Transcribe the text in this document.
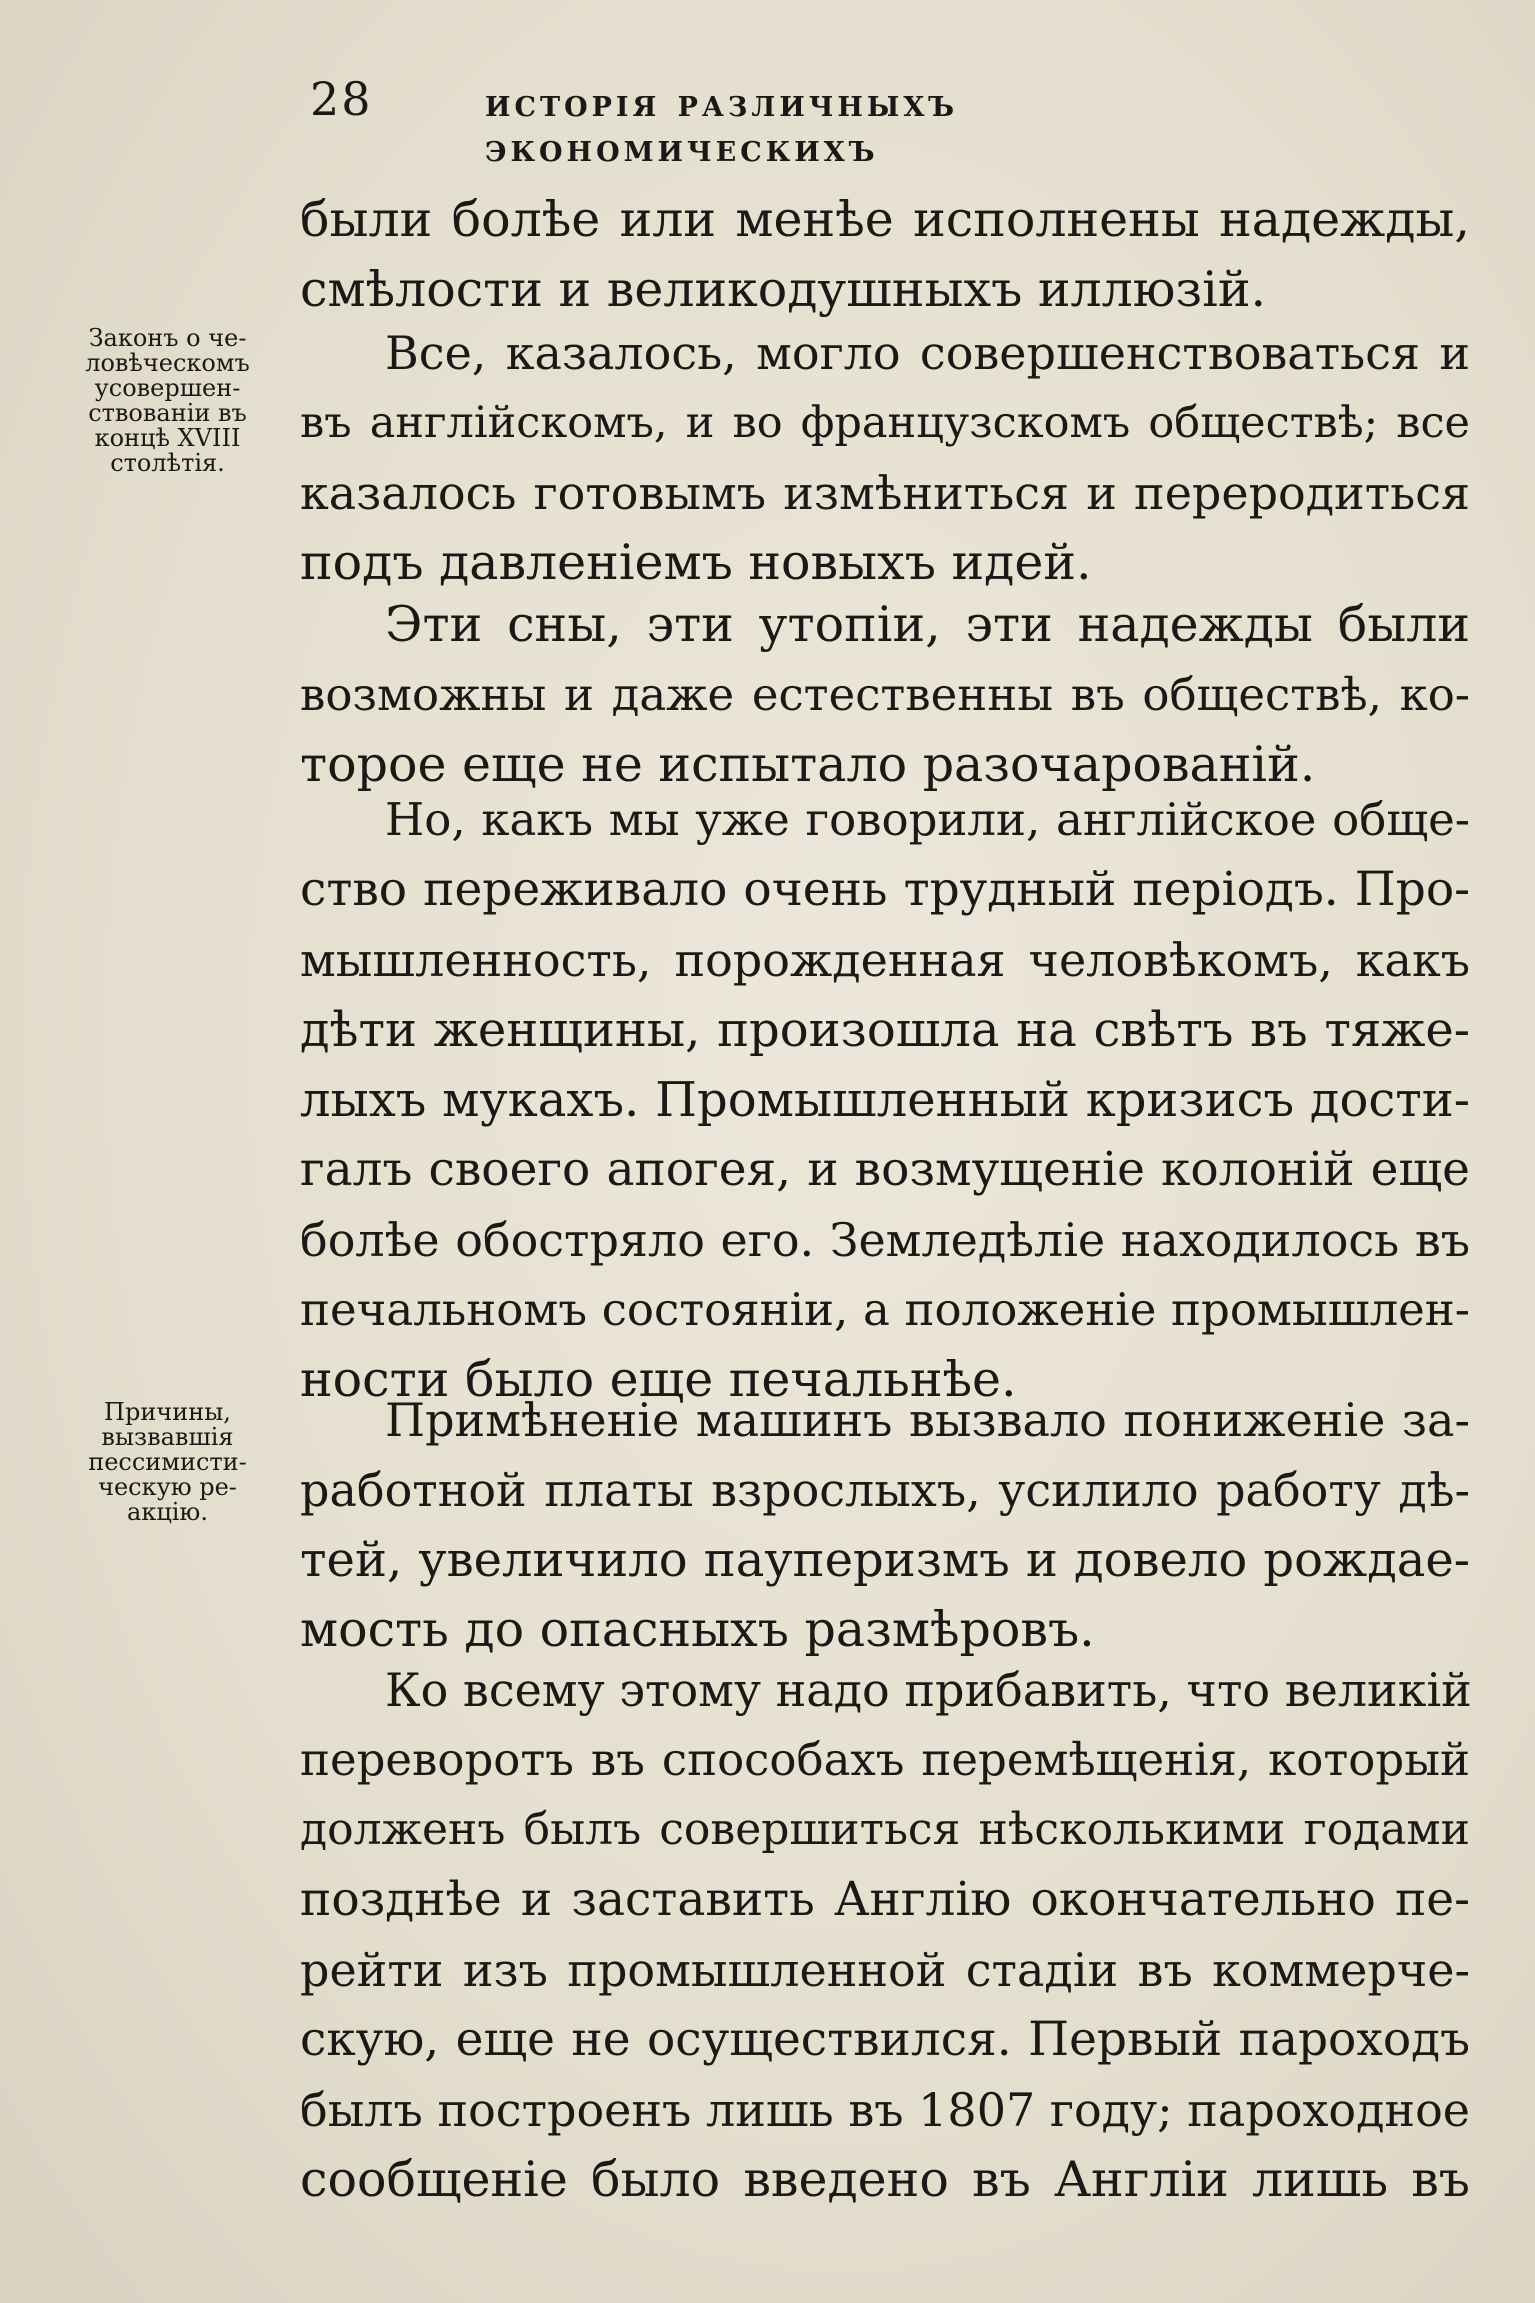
28	исторія различныхъ экономическихъ
Законъ о че-
ловѣческомъ
усовершен-
ствованіи въ
концѣ XVIII
столѣтія.
Причины,
вызвавшія
пессимисти-
ческую ре-
акцію.
были болѣе или менѣе исполнены надежды,
смѣлости и великодушныхъ иллюзій.
Все, казалось, могло совершенствоваться и
въ англійскомъ, и во французскомъ обществѣ; все
казалось готовымъ измѣниться и переродиться
подъ давленіемъ новыхъ идей.
Эти сны, эти утопіи, эти надежды были
возможны и даже естественны въ обществѣ, ко-
торое еще не испытало разочарованій.
Но, какъ мы уже говорили, англійское обще-
ство переживало очень трудный періодъ. Про-
мышленность, порожденная человѣкомъ, какъ
дѣти женщины, произошла на свѣтъ въ тяже-
лыхъ мукахъ. Промышленный кризисъ дости-
галъ своего апогея, и возмущеніе колоній еще
болѣе обостряло его. Земледѣліе находилось въ
печальномъ состояніи, а положеніе промышлен-
ности было еще печальнѣе.
Примѣненіе машинъ вызвало пониженіе за-
работной платы взрослыхъ, усилило работу дѣ-
тей, увеличило пауперизмъ и довело рождае-
мость до опасныхъ размѣровъ.
Ко всему этому надо прибавить, что великій
переворотъ въ способахъ перемѣщенія, который
долженъ былъ совершиться нѣсколькими годами
позднѣе и заставить Англію окончательно пе-
рейти изъ промышленной стадіи въ коммерче-
скую, еще не осуществился. Первый пароходъ
былъ построенъ лишь въ 1807 году; пароходное
сообщеніе было введено въ Англіи лишь въ
